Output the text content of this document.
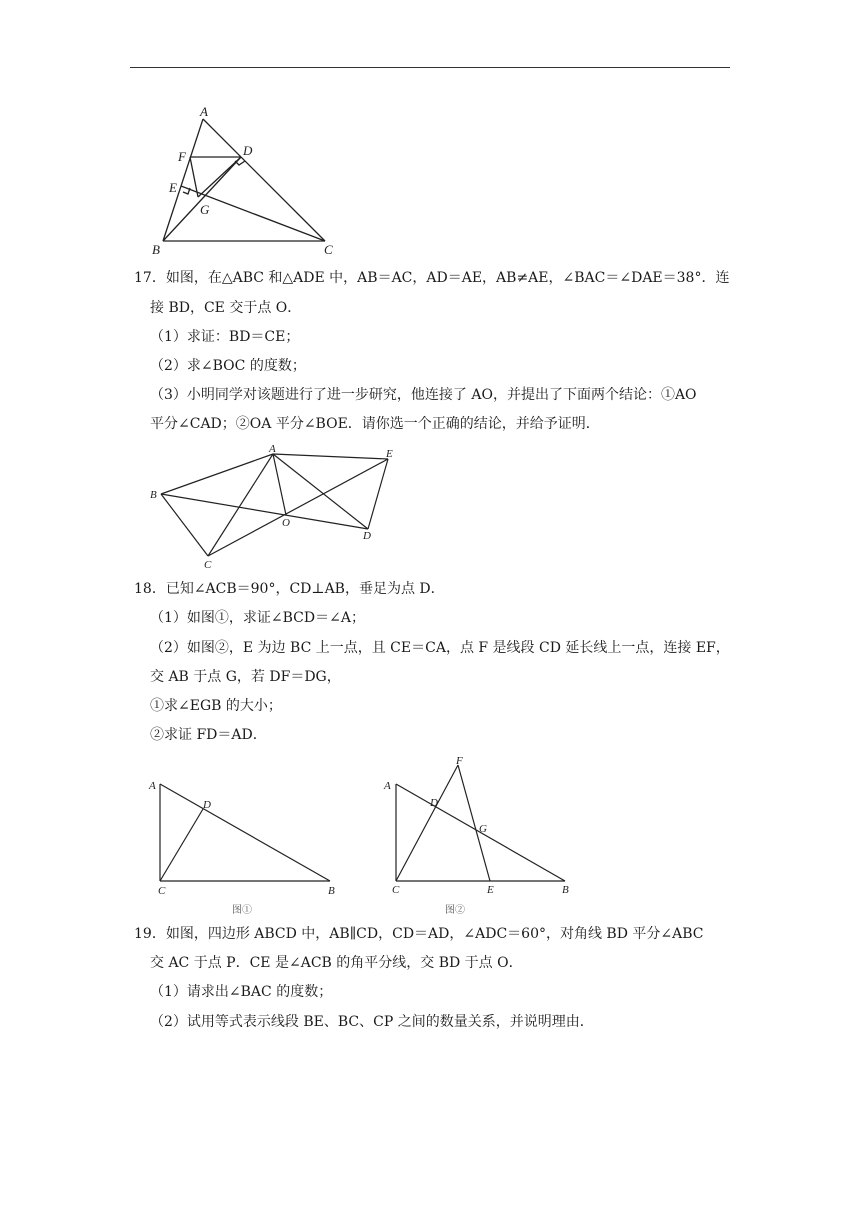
A
F	D
E
G
B	C
17．如图，在△ABC 和△ADE 中，AB＝AC，AD＝AE，AB≠AE，∠BAC＝∠DAE＝38°．连
接 BD，CE 交于点 O．
（1）求证：BD＝CE；
（2）求∠BOC 的度数；
（3）小明同学对该题进行了进一步研究，他连接了 AO，并提出了下面两个结论：①AO
平分∠CAD；②OA 平分∠BOE．请你选一个正确的结论，并给予证明．
A	E
B
O
D
C
18．已知∠ACB＝90°，CD⊥AB，垂足为点 D．
（1）如图①，求证∠BCD＝∠A；
（2）如图②，E 为边 BC 上一点，且 CE＝CA，点 F 是线段 CD 延长线上一点，连接 EF，
交 AB 于点 G，若 DF＝DG，
①求∠EGB 的大小；
②求证 FD＝AD．
A
D
C	B
图①
F
A
D
G
C	E	B
图②
19．如图，四边形 ABCD 中，AB∥CD，CD＝AD，∠ADC＝60°，对角线 BD 平分∠ABC
交 AC 于点 P．CE 是∠ACB 的角平分线，交 BD 于点 O．
（1）请求出∠BAC 的度数；
（2）试用等式表示线段 BE、BC、CP 之间的数量关系，并说明理由．
